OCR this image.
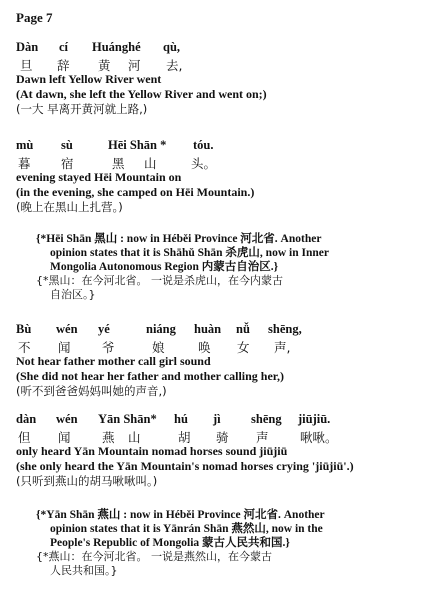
Page 7
Dàn cí Huánghé qù,
旦 辞 黄 河 去,
Dawn left Yellow River went
(At dawn, she left the Yellow River and went on;)
(一大 早离开黄河就上路,)
mù sù	Hēi Shān * tóu.
暮 宿	黑 山	头。
evening stayed Hēi Mountain on
(in the evening, she camped on Hēi Mountain.)
(晚上在黑山上扎营。)
{*Hēi Shān 黑山 : now in Héběi Province 河北省. Another
opinion states that it is Shāhǔ Shān 杀虎山, now in Inner
Mongolia Autonomous Region 内蒙古自治区.}
{*黑山：在今河北省。 一说是杀虎山，在今内蒙古
自治区。}
Bù wén yé	niáng huàn nǚ shēng,
不 闻	爷	娘	唤 女 声,
Not hear father mother call girl sound
(She did not hear her father and mother calling her,)
(听不到爸爸妈妈叫她的声音,)
dàn wén Yān Shān* hú jì shēng jiūjiū.
但 闻	燕 山	胡 骑 声	啾啾。
only heard Yān Mountain nomad horses sound jiūjiū
(she only heard the Yān Mountain's nomad horses crying 'jiūjiū'.)
(只听到燕山的胡马啾啾叫。)
{*Yān Shān 燕山 : now in Héběi Province 河北省. Another
opinion states that it is Yānrán Shān 燕然山, now in the
People's Republic of Mongolia 蒙古人民共和国.}
{*燕山：在今河北省。 一说是燕然山，在今蒙古
人民共和国。}
